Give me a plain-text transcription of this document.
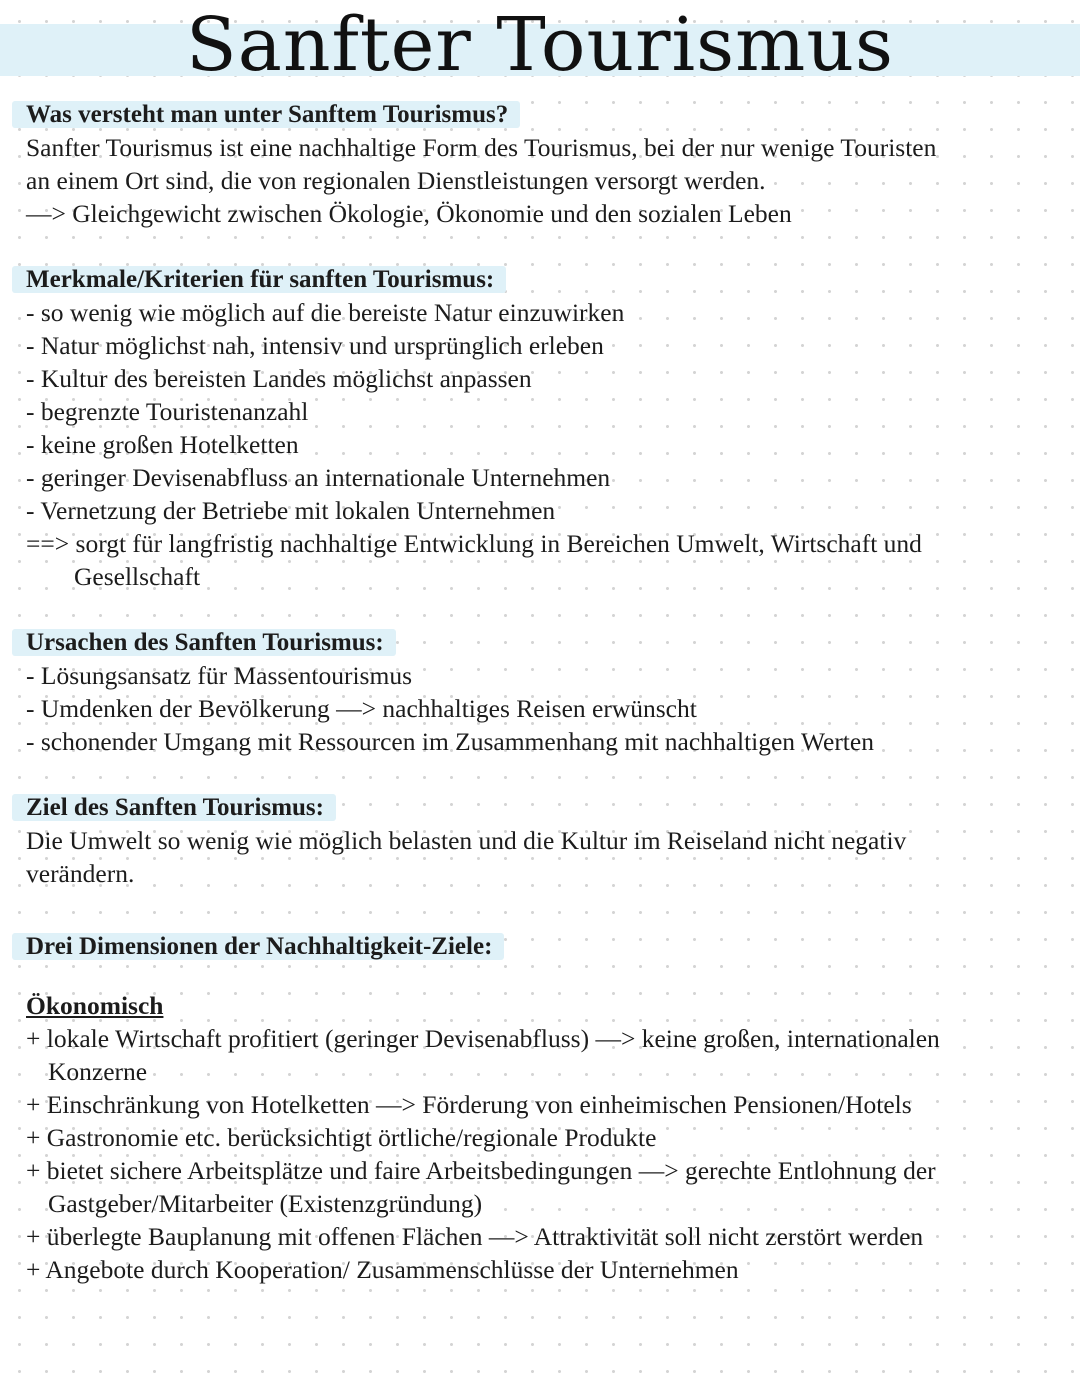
Sanfter Tourismus
Was versteht man unter Sanftem Tourismus?

Sanfter Tourismus ist eine nachhaltige Form des Tourismus, bei der nur wenige Touristen

an einem Ort sind, die von regionalen Dienstleistungen versorgt werden.

—> Gleichgewicht zwischen Ökologie, Ökonomie und den sozialen Leben

Merkmale/Kriterien für sanften Tourismus:

- so wenig wie möglich auf die bereiste Natur einzuwirken

- Natur möglichst nah, intensiv und ursprünglich erleben

- Kultur des bereisten Landes möglichst anpassen

- begrenzte Touristenanzahl

- keine großen Hotelketten

- geringer Devisenabfluss an internationale Unternehmen

- Vernetzung der Betriebe mit lokalen Unternehmen

==> sorgt für langfristig nachhaltige Entwicklung in Bereichen Umwelt, Wirtschaft und

Gesellschaft

Ursachen des Sanften Tourismus:

- Lösungsansatz für Massentourismus

- Umdenken der Bevölkerung —> nachhaltiges Reisen erwünscht

- schonender Umgang mit Ressourcen im Zusammenhang mit nachhaltigen Werten

Ziel des Sanften Tourismus:

Die Umwelt so wenig wie möglich belasten und die Kultur im Reiseland nicht negativ

verändern.

Drei Dimensionen der Nachhaltigkeit-Ziele:

Ökonomisch

+ lokale Wirtschaft profitiert (geringer Devisenabfluss) —> keine großen, internationalen

Konzerne

+ Einschränkung von Hotelketten —> Förderung von einheimischen Pensionen/Hotels

+ Gastronomie etc. berücksichtigt örtliche/regionale Produkte

+ bietet sichere Arbeitsplätze und faire Arbeitsbedingungen —> gerechte Entlohnung der

Gastgeber/Mitarbeiter (Existenzgründung)

+ überlegte Bauplanung mit offenen Flächen —> Attraktivität soll nicht zerstört werden

+ Angebote durch Kooperation/ Zusammenschlüsse der Unternehmen
